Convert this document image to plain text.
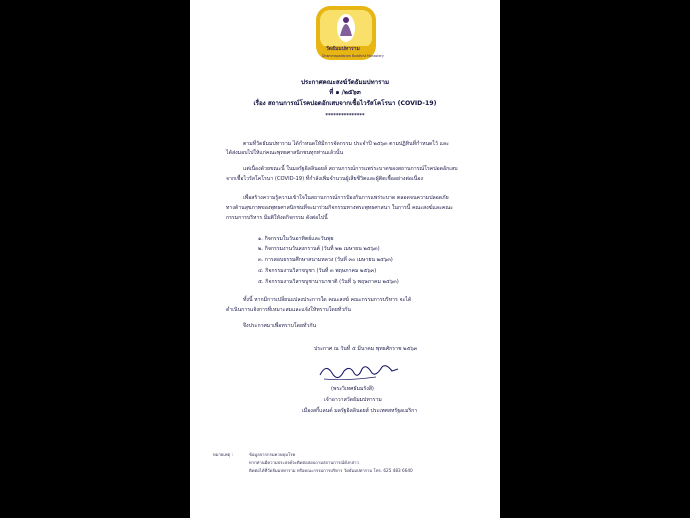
วัดธัมมปทาราม
Dhammapadaram Buddhist Monastery
ประกาศคณะสงฆ์วัดธัมมปทาราม
ที่ ๑ /๒๕๖๓
เรื่อง สถานการณ์โรคปอดอักเสบจากเชื้อไวรัสโคโรนา (COVID-19)
***************
ตามที่วัดธัมมปทาราม ได้กำหนดให้มีการจัดกรรม ประจำปี ๒๕๖๓ ตามปฏิทินที่กำหนดไว้ และ
ได้ส่งมอบไปให้แก่คณะพุทธศาสนิกชนทุกท่านแล้วนั้น
แต่เนื่องด้วยขณะนี้ ในมลรัฐอิลลินอยส์ สถานการณ์การแพร่ระบาดของสถานการณ์โรคปอดอักเสบ
จากเชื้อไวรัสโคโรนา (COVID-19) ที่กำลังเพิ่มจำนวนผู้เสียชีวิตและผู้ติดเชื้ออย่างต่อเนื่อง
เพื่อสร้างความรู้ความเข้าใจในสถานการณ์การป้องกันการแพร่ระบาด ตลอดจนความปลอดภัย
ทางด้านสุขภาพของพุทธศาสนิกชนที่จะมาร่วมกิจกรรมทางพระพุทธศาสนา ในการนี้ คณะสงฆ์และคณะ
กรรมการบริหาร มีมติให้งดกิจกรรม ดังต่อไปนี้
๑. กิจกรรมในวันอาทิตย์และวันพุธ
๒. กิจกรรมงานวันสงกรานต์ (วันที่ ๒๒ เมษายน ๒๕๖๓)
๓. การสอบธรรมศึกษาสนามหลวง (วันที่ ๓๐ เมษายน ๒๕๖๓)
๔. กิจกรรมงานวิสาขบูชา (วันที่ ๓ พฤษภาคม ๒๕๖๓)
๕. กิจกรรมงานวิสาขบูชานานาชาติ (วันที่ ๖ พฤษภาคม ๒๕๖๓)
ทั้งนี้ หากมีการเปลี่ยนแปลงประการใด คณะสงฆ์ คณะกรรมการบริหาร จะได้
ดำเนินการแจ้งการที่เหมาะสมและแจ้งให้ทราบโดยทั่วกัน
จึงประกาศมาเพื่อทราบโดยทั่วกัน
ประกาศ ณ วันที่ ๕ มีนาคม พุทธศักราช ๒๕๖๓
(พระวิเทศธัมมรังสี)
เจ้าอาวาสวัดธัมมปทาราม
เมืองสกี้แลนด์ มลรัฐอิลลินอยส์ ประเทศสหรัฐอเมริกา
หมายเหตุ :	ข้อมูลจากกรมควบคุมโรค
หากท่านมีความประสงค์จะติดต่อสอบถามสถานการณ์ดังกล่าว
ติดต่อได้ที่วัดธัมมปทาราม หรือคณะกรรมการบริหาร วัดธัมมปทาราม โทร. 625 483 6640
